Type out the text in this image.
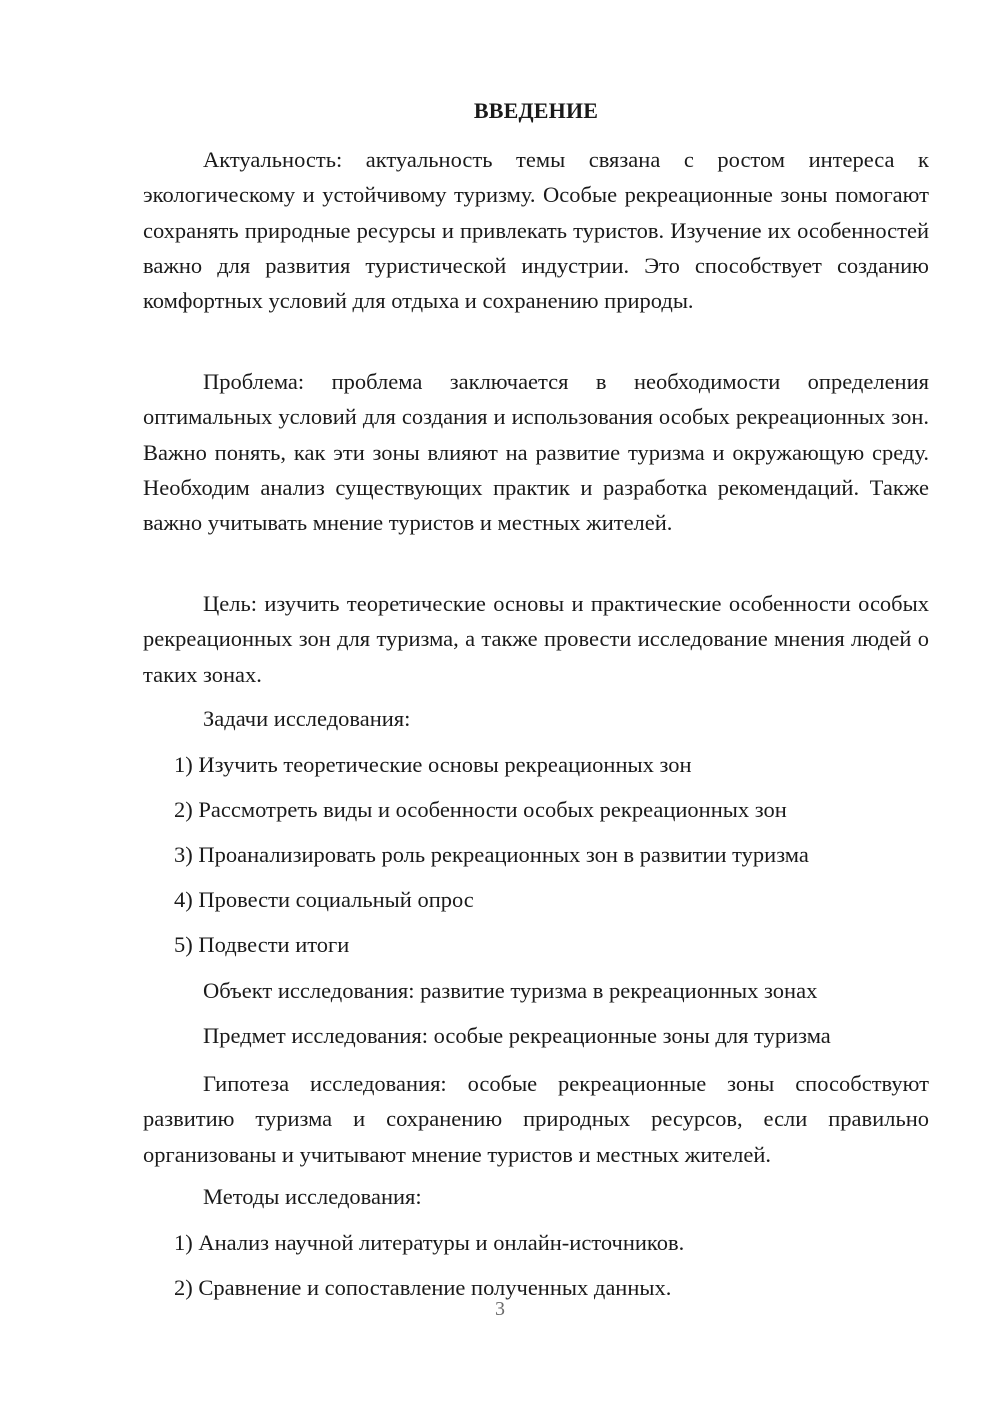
ВВЕДЕНИЕ

Актуальность: актуальность темы связана с ростом интереса к экологическому и устойчивому туризму. Особые рекреационные зоны помогают сохранять природные ресурсы и привлекать туристов. Изучение их особенностей важно для развития туристической индустрии. Это способствует созданию комфортных условий для отдыха и сохранению природы.

Проблема: проблема заключается в необходимости определения оптимальных условий для создания и использования особых рекреационных зон. Важно понять, как эти зоны влияют на развитие туризма и окружающую среду. Необходим анализ существующих практик и разработка рекомендаций. Также важно учитывать мнение туристов и местных жителей.

Цель: изучить теоретические основы и практические особенности особых рекреационных зон для туризма, а также провести исследование мнения людей о таких зонах.

Задачи исследования:

1) Изучить теоретические основы рекреационных зон

2) Рассмотреть виды и особенности особых рекреационных зон

3) Проанализировать роль рекреационных зон в развитии туризма

4) Провести социальный опрос

5) Подвести итоги

Объект исследования: развитие туризма в рекреационных зонах

Предмет исследования: особые рекреационные зоны для туризма

Гипотеза исследования: особые рекреационные зоны способствуют развитию туризма и сохранению природных ресурсов, если правильно организованы и учитывают мнение туристов и местных жителей.

Методы исследования:

1) Анализ научной литературы и онлайн-источников.

2) Сравнение и сопоставление полученных данных.

3
